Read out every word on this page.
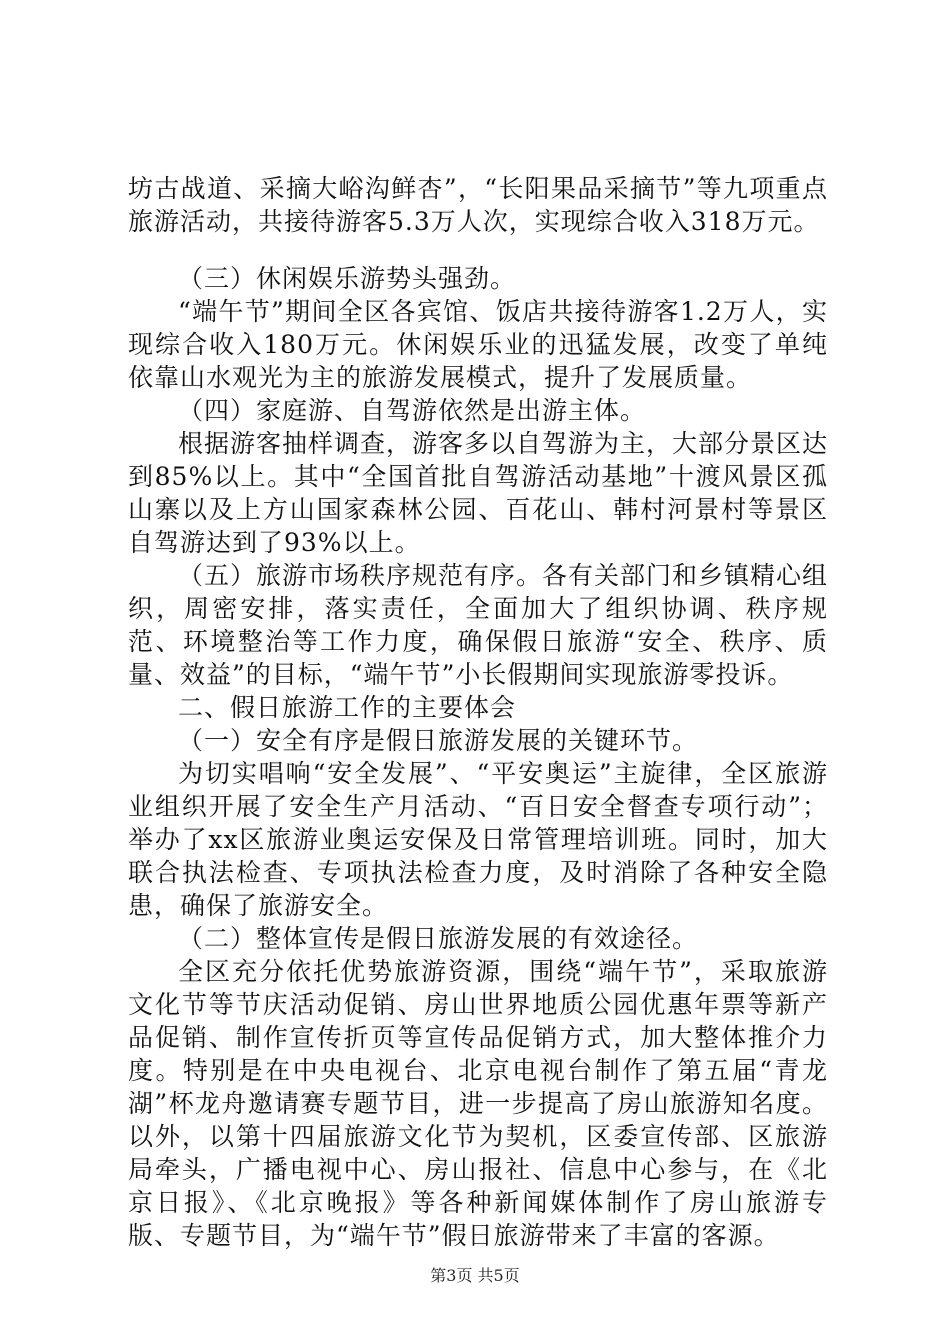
坊古战道、采摘大峪沟鲜杏”，“长阳果品采摘节”等九项重点旅游活动，共接待游客5.3万人次，实现综合收入318万元。

（三）休闲娱乐游势头强劲。

“端午节”期间全区各宾馆、饭店共接待游客1.2万人，实现综合收入180万元。休闲娱乐业的迅猛发展，改变了单纯依靠山水观光为主的旅游发展模式，提升了发展质量。

（四）家庭游、自驾游依然是出游主体。

根据游客抽样调查，游客多以自驾游为主，大部分景区达到85%以上。其中“全国首批自驾游活动基地”十渡风景区孤山寨以及上方山国家森林公园、百花山、韩村河景村等景区自驾游达到了93%以上。

（五）旅游市场秩序规范有序。各有关部门和乡镇精心组织，周密安排，落实责任，全面加大了组织协调、秩序规范、环境整治等工作力度，确保假日旅游“安全、秩序、质量、效益”的目标，“端午节”小长假期间实现旅游零投诉。

二、假日旅游工作的主要体会

（一）安全有序是假日旅游发展的关键环节。

为切实唱响“安全发展”、“平安奥运”主旋律，全区旅游业组织开展了安全生产月活动、“百日安全督查专项行动”；举办了xx区旅游业奥运安保及日常管理培训班。同时，加大联合执法检查、专项执法检查力度，及时消除了各种安全隐患，确保了旅游安全。

（二）整体宣传是假日旅游发展的有效途径。

全区充分依托优势旅游资源，围绕“端午节”，采取旅游文化节等节庆活动促销、房山世界地质公园优惠年票等新产品促销、制作宣传折页等宣传品促销方式，加大整体推介力度。特别是在中央电视台、北京电视台制作了第五届“青龙湖”杯龙舟邀请赛专题节目，进一步提高了房山旅游知名度。以外，以第十四届旅游文化节为契机，区委宣传部、区旅游局牵头，广播电视中心、房山报社、信息中心参与，在《北京日报》、《北京晚报》等各种新闻媒体制作了房山旅游专版、专题节目，为“端午节”假日旅游带来了丰富的客源。

第3页 共5页
